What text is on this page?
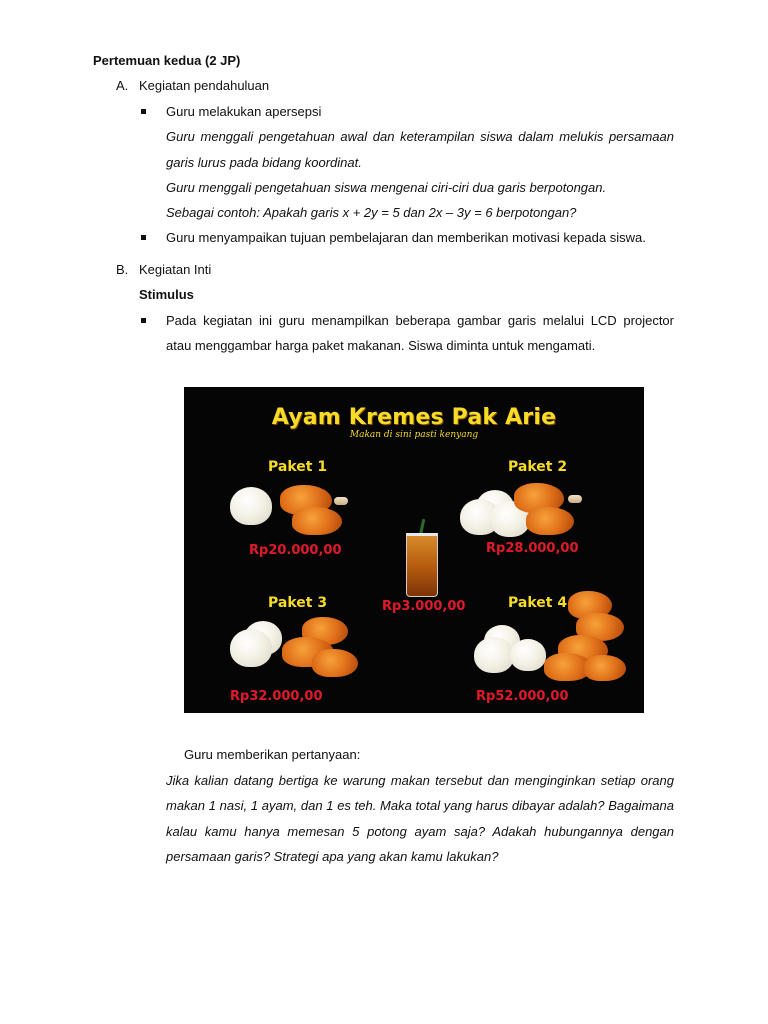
Pertemuan kedua (2 JP)
A. Kegiatan pendahuluan
Guru melakukan apersepsi
Guru menggali pengetahuan awal dan keterampilan siswa dalam melukis persamaan
garis lurus pada bidang koordinat.
Guru menggali pengetahuan siswa mengenai ciri-ciri dua garis berpotongan.
Sebagai contoh: Apakah garis x + 2y = 5 dan 2x – 3y = 6 berpotongan?
Guru menyampaikan tujuan pembelajaran dan memberikan motivasi kepada siswa.
B. Kegiatan Inti
Stimulus
Pada kegiatan ini guru menampilkan beberapa gambar garis melalui LCD projector
atau menggambar harga paket makanan. Siswa diminta untuk mengamati.
Ayam Kremes Pak Arie
Makan di sini pasti kenyang
Paket 1
Rp20.000,00
Paket 2
Rp28.000,00
Rp3.000,00
Paket 3
Rp32.000,00
Paket 4
Rp52.000,00
Guru memberikan pertanyaan:
Jika kalian datang bertiga ke warung makan tersebut dan menginginkan setiap orang
makan 1 nasi, 1 ayam, dan 1 es teh. Maka total yang harus dibayar adalah? Bagaimana
kalau kamu hanya memesan 5 potong ayam saja? Adakah hubungannya dengan
persamaan garis? Strategi apa yang akan kamu lakukan?
